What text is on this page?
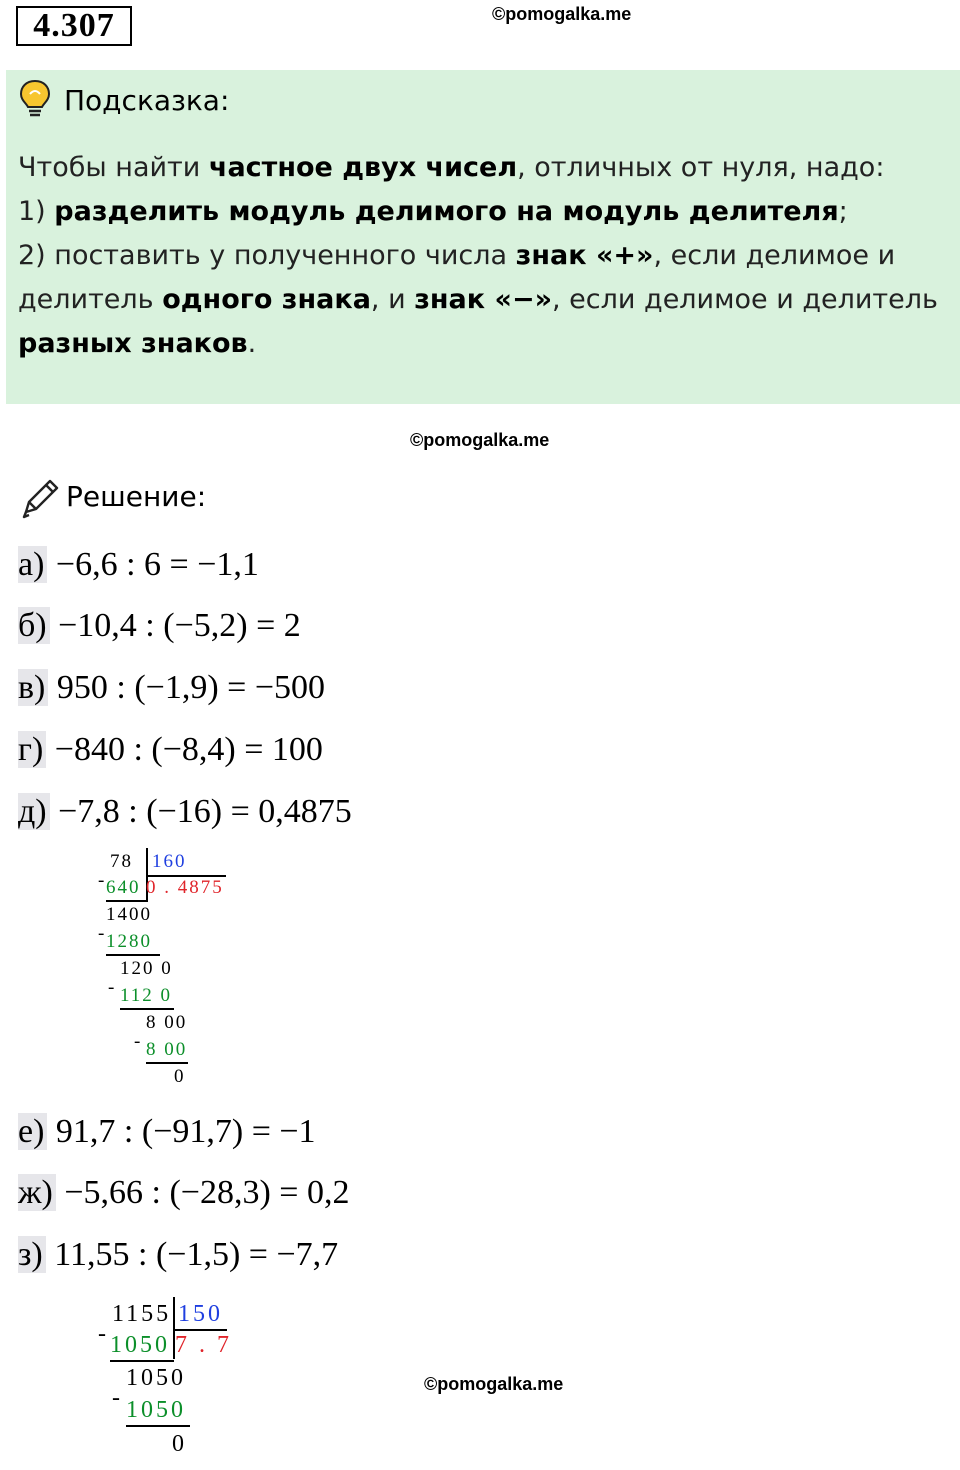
4.307	©pomogalka.me
Подсказка:
Чтобы найти частное двух чисел, отличных от нуля, надо:
1) разделить модуль делимого на модуль делителя;
2) поставить у полученного числа знак «+», если делимое и
делитель одного знака, и знак «−», если делимое и делитель
разных знаков.
©pomogalka.me
Решение:
а) −6,6 : 6 = −1,1
б) −10,4 : (−5,2) = 2
в) 950 : (−1,9) = −500
г) −840 : (−8,4) = 100
д) −7,8 : (−16) = 0,4875
78 160
- 640 0 . 4875
1400
- 1280
120 0
- 112 0
8 00
- 8 00
0
е) 91,7 : (−91,7) = −1
ж) −5,66 : (−28,3) = 0,2
з) 11,55 : (−1,5) = −7,7
1155 150
- 1050 7 . 7
1050
- 1050
0
©pomogalka.me
